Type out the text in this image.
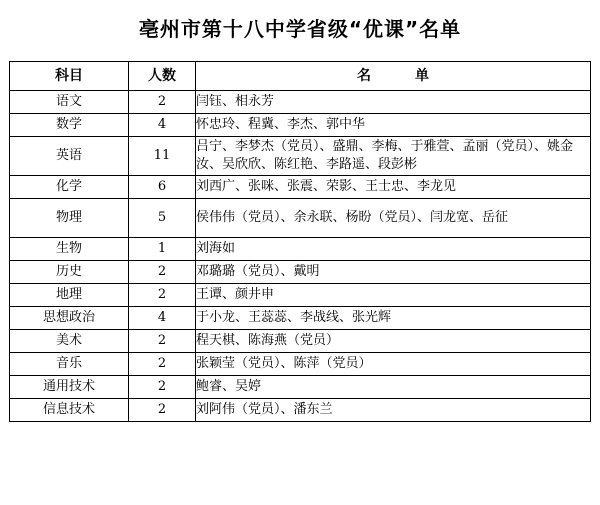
亳州市第十八中学省级“优课”名单
科目	人数	名单
语文	2	闫钰、相永芳
数学	4	怀忠玲、程冀、李杰、郭中华
英语	11	吕宁、李梦杰（党员）、盛鼎、李梅、于雅萱、孟丽（党员）、姚金汝、吴欣欣、陈红艳、李路遥、段彭彬
化学	6	刘西广、张咪、张震、荣影、王士忠、李龙见
物理	5	侯伟伟（党员）、余永联、杨盼（党员）、闫龙宽、岳征
生物	1	刘海如
历史	2	邓璐璐（党员）、戴明
地理	2	王谭、颜井申
思想政治	4	于小龙、王蕊蕊、李战线、张光辉
美术	2	程天棋、陈海燕（党员）
音乐	2	张颖莹（党员）、陈萍（党员）
通用技术	2	鲍睿、吴婷
信息技术	2	刘阿伟（党员）、潘东兰
